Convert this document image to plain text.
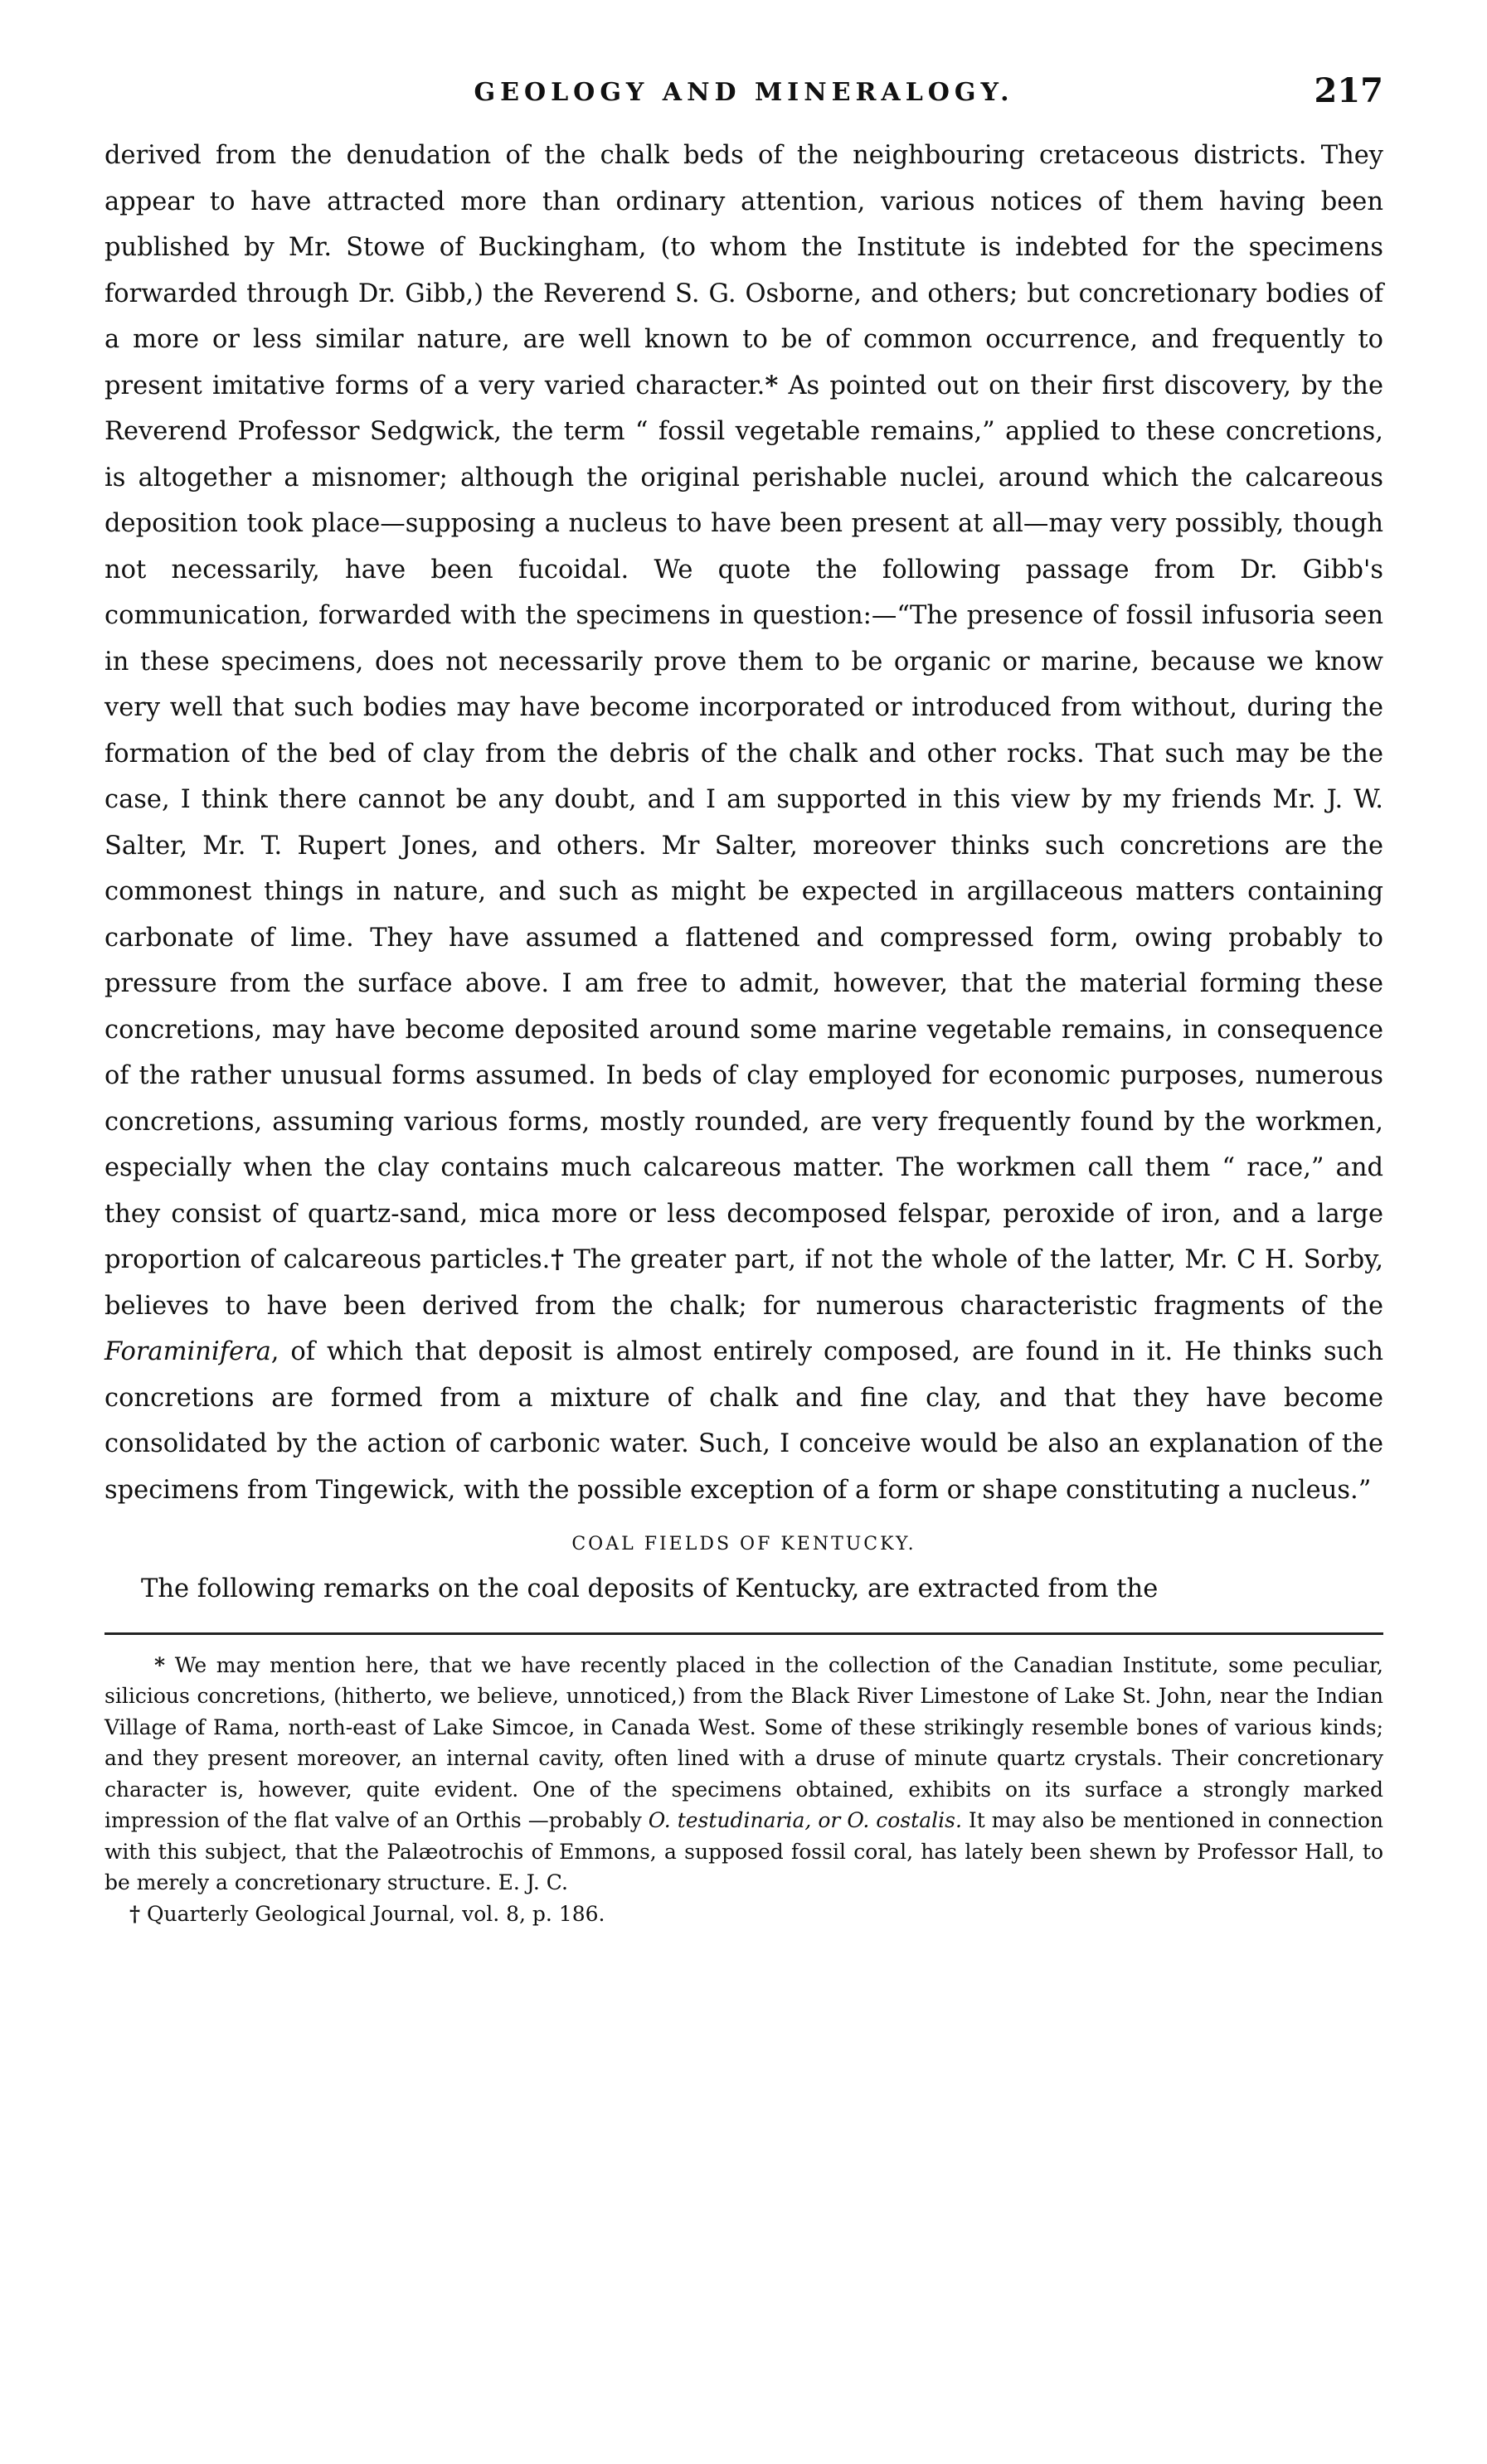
GEOLOGY AND MINERALOGY.	217

derived from the denudation of the chalk beds of the neighbouring cretaceous districts. They appear to have attracted more than ordinary attention, various notices of them having been published by Mr. Stowe of Buckingham, (to whom the Institute is indebted for the specimens forwarded through Dr. Gibb,) the Reverend S. G. Osborne, and others; but concretionary bodies of a more or less similar nature, are well known to be of common occurrence, and frequently to present imitative forms of a very varied character.* As pointed out on their first discovery, by the Reverend Professor Sedgwick, the term “ fossil vegetable remains,” applied to these concretions, is altogether a misnomer; although the original perishable nuclei, around which the calcareous deposition took place—supposing a nucleus to have been present at all—may very possibly, though not necessarily, have been fucoidal. We quote the following passage from Dr. Gibb's communication, forwarded with the specimens in question:—“The presence of fossil infusoria seen in these specimens, does not necessarily prove them to be organic or marine, because we know very well that such bodies may have become incorporated or introduced from without, during the formation of the bed of clay from the debris of the chalk and other rocks. That such may be the case, I think there cannot be any doubt, and I am supported in this view by my friends Mr. J. W. Salter, Mr. T. Rupert Jones, and others. Mr Salter, moreover thinks such concretions are the commonest things in nature, and such as might be expected in argillaceous matters containing carbonate of lime. They have assumed a flattened and compressed form, owing probably to pressure from the surface above. I am free to admit, however, that the material forming these concretions, may have become deposited around some marine vegetable remains, in consequence of the rather unusual forms assumed. In beds of clay employed for economic purposes, numerous concretions, assuming various forms, mostly rounded, are very frequently found by the workmen, especially when the clay contains much calcareous matter. The workmen call them “ race,” and they consist of quartz-sand, mica more or less decomposed felspar, peroxide of iron, and a large proportion of calcareous particles.† The greater part, if not the whole of the latter, Mr. C H. Sorby, believes to have been derived from the chalk; for numerous characteristic fragments of the Foraminifera, of which that deposit is almost entirely composed, are found in it. He thinks such concretions are formed from a mixture of chalk and fine clay, and that they have become consolidated by the action of carbonic water. Such, I conceive would be also an explanation of the specimens from Tingewick, with the possible exception of a form or shape constituting a nucleus.”

COAL FIELDS OF KENTUCKY.

The following remarks on the coal deposits of Kentucky, are extracted from the

* We may mention here, that we have recently placed in the collection of the Canadian Institute, some peculiar, silicious concretions, (hitherto, we believe, unnoticed,) from the Black River Limestone of Lake St. John, near the Indian Village of Rama, north-east of Lake Simcoe, in Canada West. Some of these strikingly resemble bones of various kinds; and they present moreover, an internal cavity, often lined with a druse of minute quartz crystals. Their concretionary character is, however, quite evident. One of the specimens obtained, exhibits on its surface a strongly marked impression of the flat valve of an Orthis —probably O. testudinaria, or O. costalis. It may also be mentioned in connection with this subject, that the Palæotrochis of Emmons, a supposed fossil coral, has lately been shewn by Professor Hall, to be merely a concretionary structure. E. J. C.

† Quarterly Geological Journal, vol. 8, p. 186.
